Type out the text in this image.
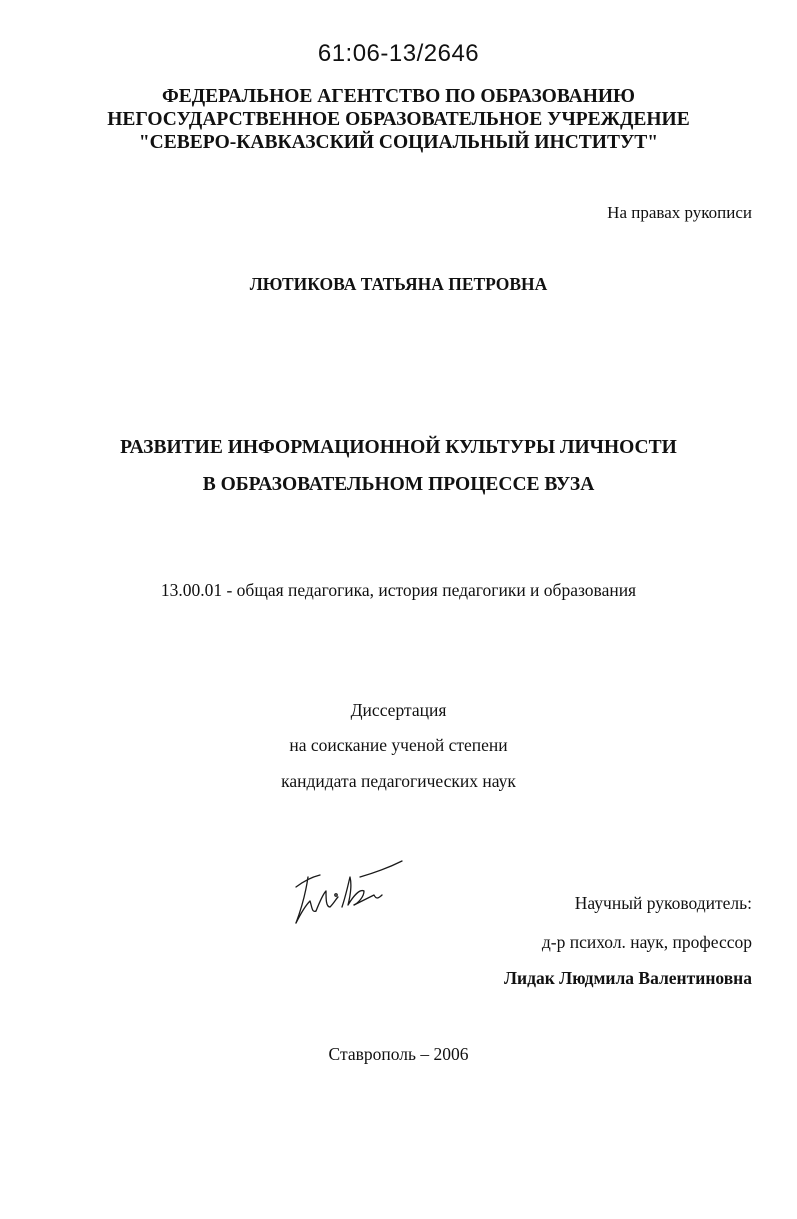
61:06-13/2646
ФЕДЕРАЛЬНОЕ АГЕНТСТВО ПО ОБРАЗОВАНИЮ
НЕГОСУДАРСТВЕННОЕ ОБРАЗОВАТЕЛЬНОЕ УЧРЕЖДЕНИЕ
"СЕВЕРО-КАВКАЗСКИЙ СОЦИАЛЬНЫЙ ИНСТИТУТ"
На правах рукописи
ЛЮТИКОВА ТАТЬЯНА ПЕТРОВНА
РАЗВИТИЕ ИНФОРМАЦИОННОЙ КУЛЬТУРЫ ЛИЧНОСТИ
В ОБРАЗОВАТЕЛЬНОМ ПРОЦЕССЕ ВУЗА
13.00.01 - общая педагогика, история педагогики и образования
Диссертация
на соискание ученой степени
кандидата педагогических наук
Научный руководитель:
д-р психол. наук, профессор
Лидак Людмила Валентиновна
Ставрополь – 2006
